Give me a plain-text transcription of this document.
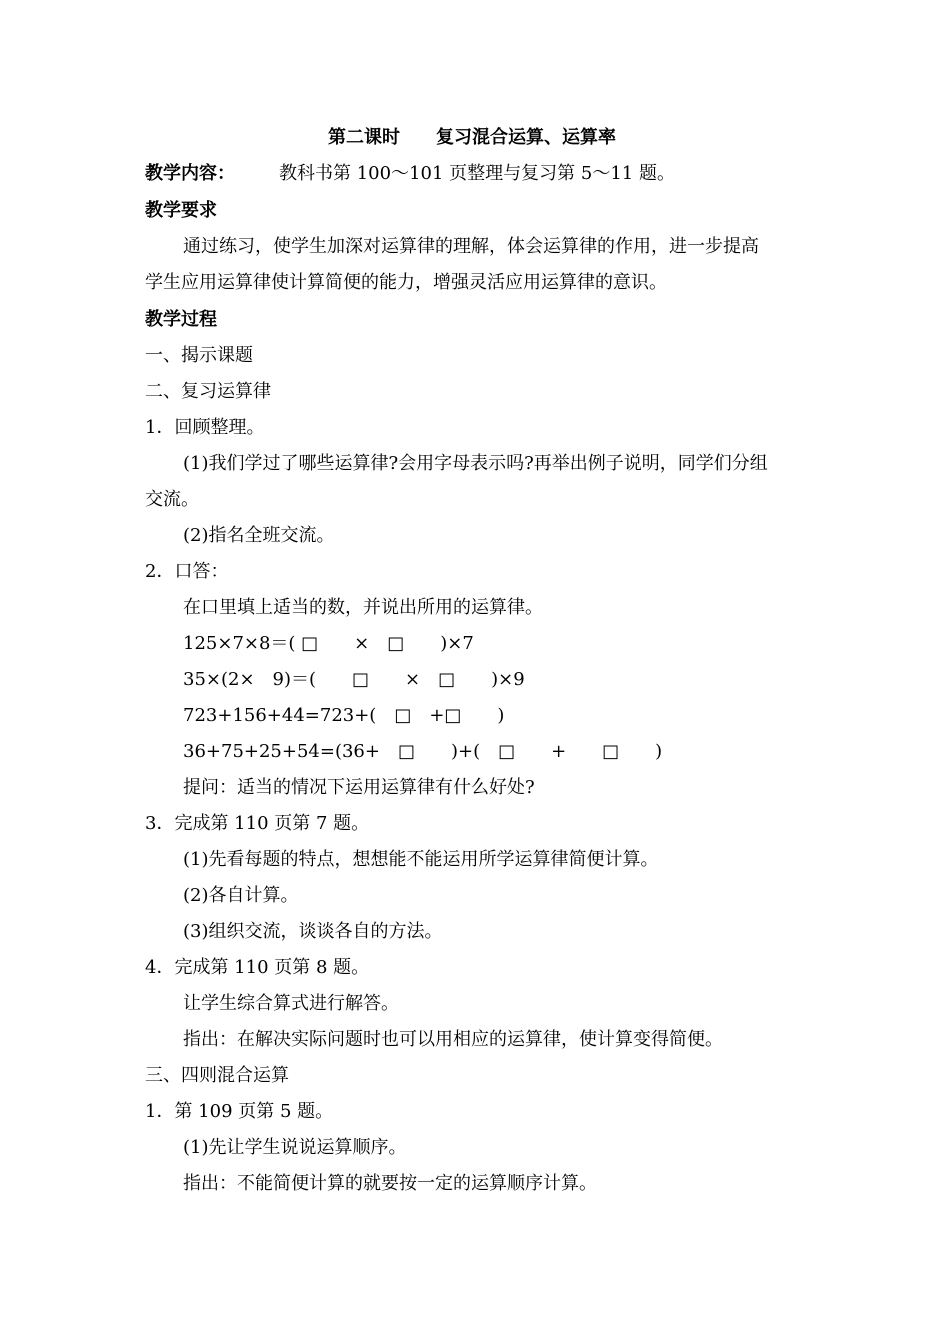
第二课时　　复习混合运算、运算率
教学内容： 教科书第 100～101 页整理与复习第 5～11 题。
教学要求
通过练习，使学生加深对运算律的理解，体会运算律的作用，进一步提高
学生应用运算律使计算简便的能力，增强灵活应用运算律的意识。
教学过程
一、揭示课题
二、复习运算律
1．回顾整理。
(1)我们学过了哪些运算律?会用字母表示吗?再举出例子说明，同学们分组
交流。
(2)指名全班交流。
2．口答：
在口里填上适当的数，并说出所用的运算律。
125×7×8＝( □　　×　□　　)×7
35×(2×　9)＝(　　□　　×　□　　)×9
723+156+44=723+(　□　+□　　)
36+75+25+54=(36+　□　　)+(　□　　+　　□　　)
提问：适当的情况下运用运算律有什么好处?
3．完成第 110 页第 7 题。
(1)先看每题的特点，想想能不能运用所学运算律简便计算。
(2)各自计算。
(3)组织交流，谈谈各自的方法。
4．完成第 110 页第 8 题。
让学生综合算式进行解答。
指出：在解决实际问题时也可以用相应的运算律，使计算变得简便。
三、四则混合运算
1．第 109 页第 5 题。
(1)先让学生说说运算顺序。
指出：不能简便计算的就要按一定的运算顺序计算。
